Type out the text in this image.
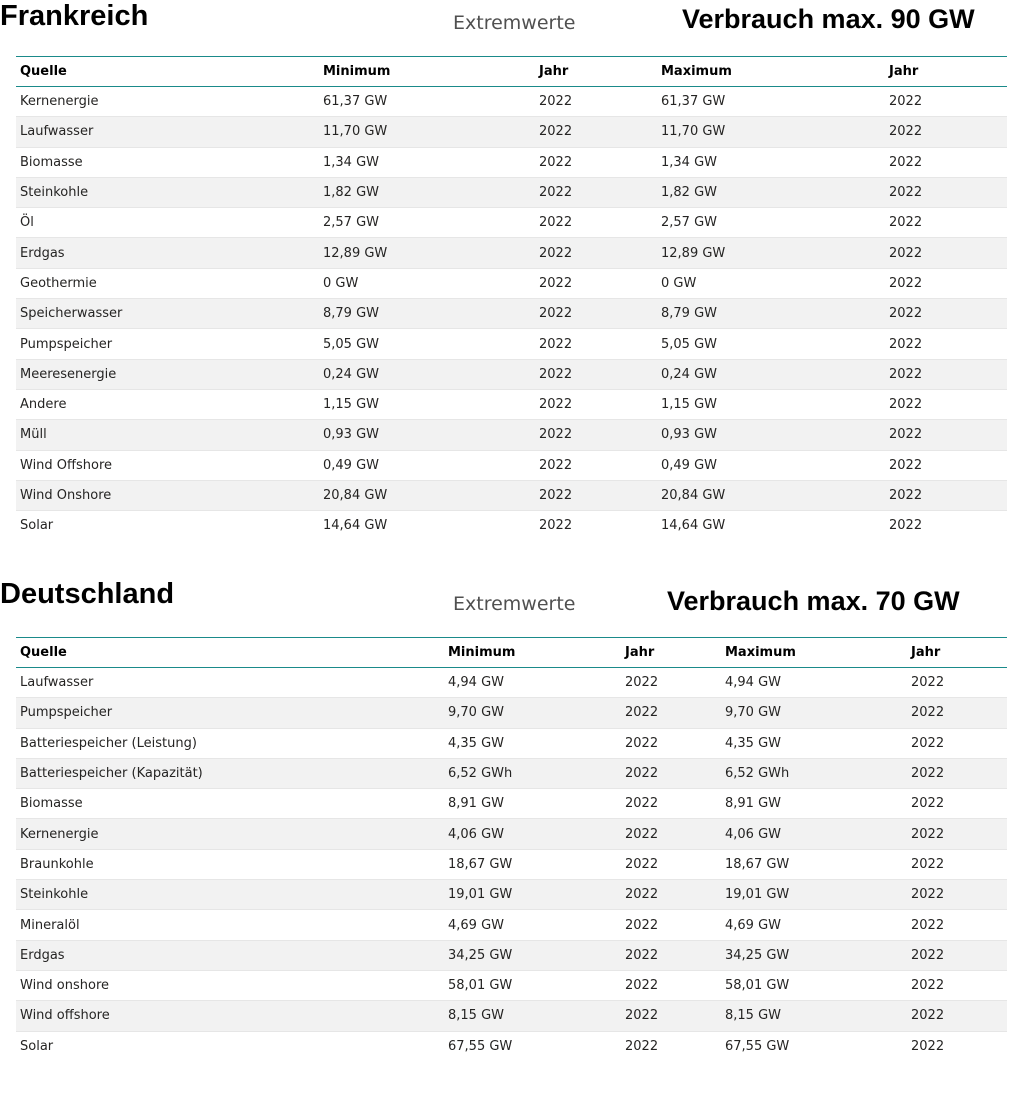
Frankreich	Extremwerte	Verbrauch max. 90 GW
Quelle	Minimum	Jahr	Maximum	Jahr
Kernenergie	61,37 GW	2022	61,37 GW	2022
Laufwasser	11,70 GW	2022	11,70 GW	2022
Biomasse	1,34 GW	2022	1,34 GW	2022
Steinkohle	1,82 GW	2022	1,82 GW	2022
Öl	2,57 GW	2022	2,57 GW	2022
Erdgas	12,89 GW	2022	12,89 GW	2022
Geothermie	0 GW	2022	0 GW	2022
Speicherwasser	8,79 GW	2022	8,79 GW	2022
Pumpspeicher	5,05 GW	2022	5,05 GW	2022
Meeresenergie	0,24 GW	2022	0,24 GW	2022
Andere	1,15 GW	2022	1,15 GW	2022
Müll	0,93 GW	2022	0,93 GW	2022
Wind Offshore	0,49 GW	2022	0,49 GW	2022
Wind Onshore	20,84 GW	2022	20,84 GW	2022
Solar	14,64 GW	2022	14,64 GW	2022
Deutschland	Extremwerte	Verbrauch max. 70 GW
Quelle	Minimum	Jahr	Maximum	Jahr
Laufwasser	4,94 GW	2022	4,94 GW	2022
Pumpspeicher	9,70 GW	2022	9,70 GW	2022
Batteriespeicher (Leistung)	4,35 GW	2022	4,35 GW	2022
Batteriespeicher (Kapazität)	6,52 GWh	2022	6,52 GWh	2022
Biomasse	8,91 GW	2022	8,91 GW	2022
Kernenergie	4,06 GW	2022	4,06 GW	2022
Braunkohle	18,67 GW	2022	18,67 GW	2022
Steinkohle	19,01 GW	2022	19,01 GW	2022
Mineralöl	4,69 GW	2022	4,69 GW	2022
Erdgas	34,25 GW	2022	34,25 GW	2022
Wind onshore	58,01 GW	2022	58,01 GW	2022
Wind offshore	8,15 GW	2022	8,15 GW	2022
Solar	67,55 GW	2022	67,55 GW	2022
